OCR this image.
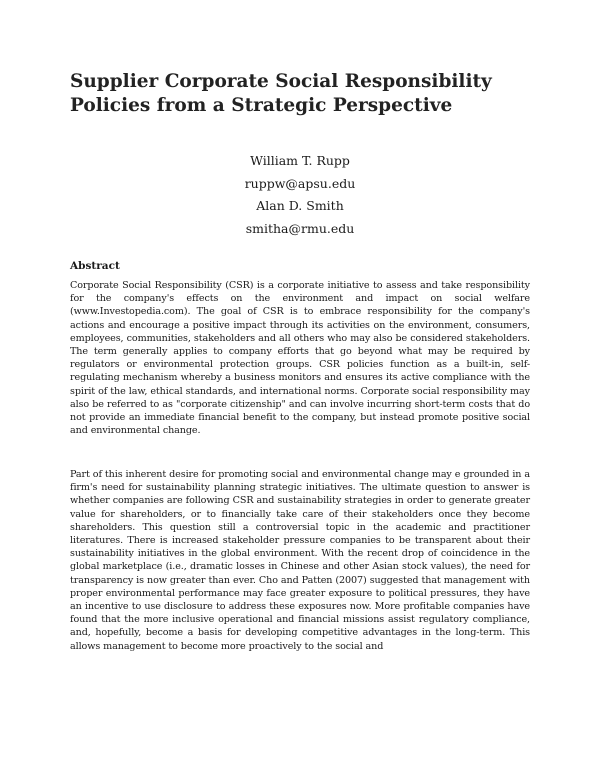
Supplier Corporate Social Responsibility Policies from a Strategic Perspective
William T. Rupp
ruppw@apsu.edu
Alan D. Smith
smitha@rmu.edu
Abstract

Corporate Social Responsibility (CSR) is a corporate initiative to assess and take responsibility for the company's effects on the environment and impact on social welfare (www.Investopedia.com). The goal of CSR is to embrace responsibility for the company's actions and encourage a positive impact through its activities on the environment, consumers, employees, communities, stakeholders and all others who may also be considered stakeholders. The term generally applies to company efforts that go beyond what may be required by regulators or environmental protection groups. CSR policies function as a built-in, self-regulating mechanism whereby a business monitors and ensures its active compliance with the spirit of the law, ethical standards, and international norms. Corporate social responsibility may also be referred to as "corporate citizenship" and can involve incurring short-term costs that do not provide an immediate financial benefit to the company, but instead promote positive social and environmental change.

Part of this inherent desire for promoting social and environmental change may e grounded in a firm's need for sustainability planning strategic initiatives. The ultimate question to answer is whether companies are following CSR and sustainability strategies in order to generate greater value for shareholders, or to financially take care of their stakeholders once they become shareholders. This question still a controversial topic in the academic and practitioner literatures. There is increased stakeholder pressure companies to be transparent about their sustainability initiatives in the global environment. With the recent drop of coincidence in the global marketplace (i.e., dramatic losses in Chinese and other Asian stock values), the need for transparency is now greater than ever. Cho and Patten (2007) suggested that management with proper environmental performance may face greater exposure to political pressures, they have an incentive to use disclosure to address these exposures now. More profitable companies have found that the more inclusive operational and financial missions assist regulatory compliance, and, hopefully, become a basis for developing competitive advantages in the long-term. This allows management to become more proactively to the social and
